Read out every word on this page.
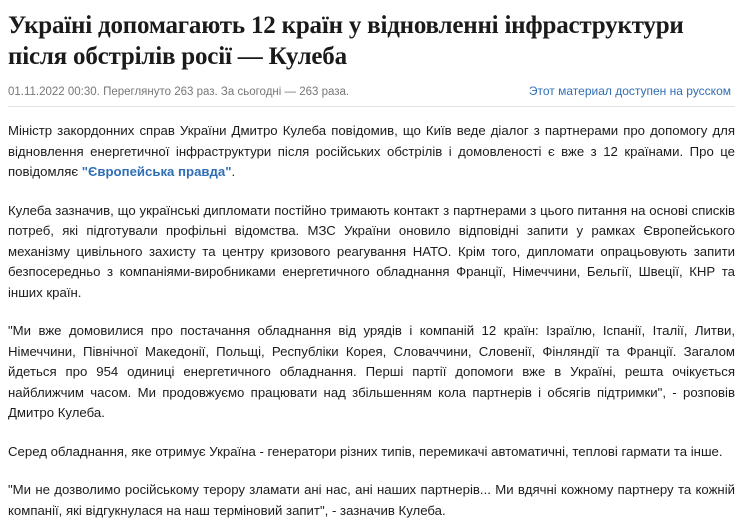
Україні допомагають 12 країн у відновленні інфраструктури після обстрілів росії — Кулеба
01.11.2022 00:30. Переглянуто 263 раз. За сьогодні — 263 раза.	Этот материал доступен на русском

Міністр закордонних справ України Дмитро Кулеба повідомив, що Київ веде діалог з партнерами про допомогу для відновлення енергетичної інфраструктури після російських обстрілів і домовленості є вже з 12 країнами. Про це повідомляє "Європейська правда".

Кулеба зазначив, що українські дипломати постійно тримають контакт з партнерами з цього питання на основі списків потреб, які підготували профільні відомства. МЗС України оновило відповідні запити у рамках Європейського механізму цивільного захисту та центру кризового реагування НАТО. Крім того, дипломати опрацьовують запити безпосередньо з компаніями-виробниками енергетичного обладнання Франції, Німеччини, Бельгії, Швеції, КНР та інших країн.

"Ми вже домовилися про постачання обладнання від урядів і компаній 12 країн: Ізраїлю, Іспанії, Італії, Литви, Німеччини, Північної Македонії, Польщі, Республіки Корея, Словаччини, Словенії, Фінляндії та Франції. Загалом йдеться про 954 одиниці енергетичного обладнання. Перші партії допомоги вже в Україні, решта очікується найближчим часом. Ми продовжуємо працювати над збільшенням кола партнерів і обсягів підтримки", - розповів Дмитро Кулеба.

Серед обладнання, яке отримує Україна - генератори різних типів, перемикачі автоматичні, теплові гармати та інше.

"Ми не дозволимо російському терору зламати ані нас, ані наших партнерів... Ми вдячні кожному партнеру та кожній компанії, які відгукнулася на наш терміновий запит", - зазначив Кулеба.
